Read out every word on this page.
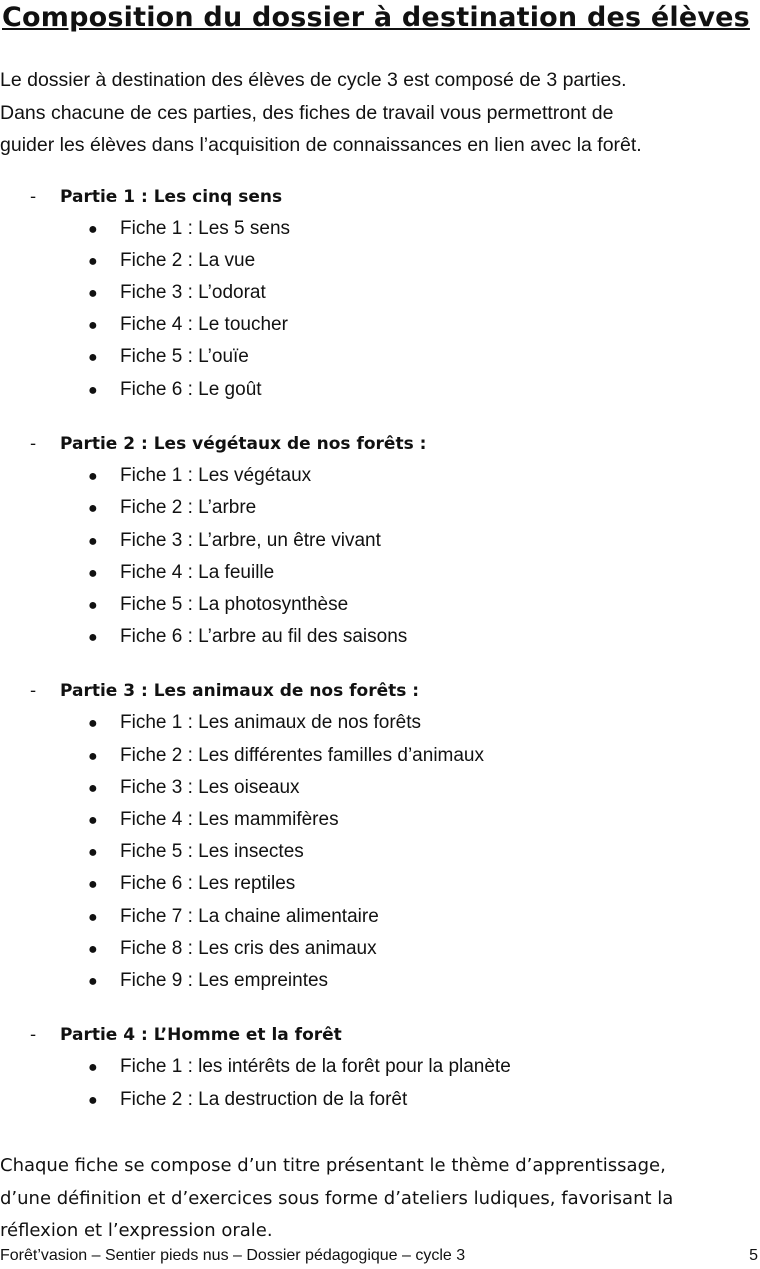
Composition du dossier à destination des élèves
Le dossier à destination des élèves de cycle 3 est composé de 3 parties.
Dans chacune de ces parties, des fiches de travail vous permettront de
guider les élèves dans l’acquisition de connaissances en lien avec la forêt.
- Partie 1 : Les cinq sens
● Fiche 1 : Les 5 sens
● Fiche 2 : La vue
● Fiche 3 : L’odorat
● Fiche 4 : Le toucher
● Fiche 5 : L’ouïe
● Fiche 6 : Le goût
- Partie 2 : Les végétaux de nos forêts :
● Fiche 1 : Les végétaux
● Fiche 2 : L’arbre
● Fiche 3 : L’arbre, un être vivant
● Fiche 4 : La feuille
● Fiche 5 : La photosynthèse
● Fiche 6 : L’arbre au fil des saisons
- Partie 3 : Les animaux de nos forêts :
● Fiche 1 : Les animaux de nos forêts
● Fiche 2 : Les différentes familles d’animaux
● Fiche 3 : Les oiseaux
● Fiche 4 : Les mammifères
● Fiche 5 : Les insectes
● Fiche 6 : Les reptiles
● Fiche 7 : La chaine alimentaire
● Fiche 8 : Les cris des animaux
● Fiche 9 : Les empreintes
- Partie 4 : L’Homme et la forêt
● Fiche 1 : les intérêts de la forêt pour la planète
● Fiche 2 : La destruction de la forêt
Chaque fiche se compose d’un titre présentant le thème d’apprentissage,
d’une définition et d’exercices sous forme d’ateliers ludiques, favorisant la
réflexion et l’expression orale.
Forêt’vasion – Sentier pieds nus – Dossier pédagogique – cycle 3	5
